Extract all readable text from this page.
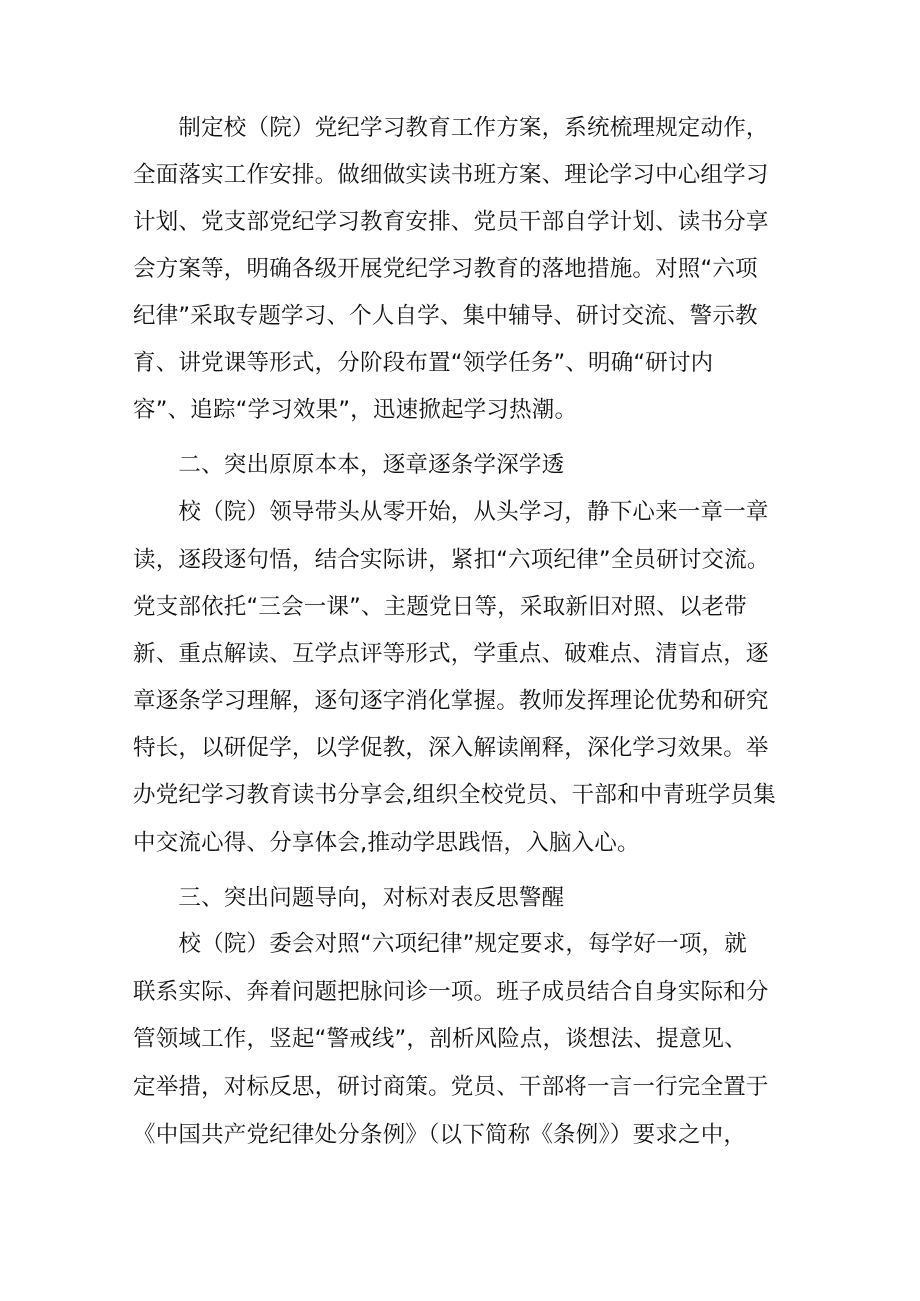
　　制定校（院）党纪学习教育工作方案，系统梳理规定动作，

全面落实工作安排。做细做实读书班方案、理论学习中心组学习

计划、党支部党纪学习教育安排、党员干部自学计划、读书分享

会方案等，明确各级开展党纪学习教育的落地措施。对照“六项

纪律”采取专题学习、个人自学、集中辅导、研讨交流、警示教

育、讲党课等形式，分阶段布置“领学任务”、明确“研讨内

容”、追踪“学习效果”，迅速掀起学习热潮。

　　二、突出原原本本，逐章逐条学深学透

　　校（院）领导带头从零开始，从头学习，静下心来一章一章

读，逐段逐句悟，结合实际讲，紧扣“六项纪律”全员研讨交流。

党支部依托“三会一课”、主题党日等，采取新旧对照、以老带

新、重点解读、互学点评等形式，学重点、破难点、清盲点，逐

章逐条学习理解，逐句逐字消化掌握。教师发挥理论优势和研究

特长，以研促学，以学促教，深入解读阐释，深化学习效果。举

办党纪学习教育读书分享会,组织全校党员、干部和中青班学员集

中交流心得、分享体会,推动学思践悟，入脑入心。

　　三、突出问题导向，对标对表反思警醒

　　校（院）委会对照“六项纪律”规定要求，每学好一项，就

联系实际、奔着问题把脉问诊一项。班子成员结合自身实际和分

管领域工作，竖起“警戒线”，剖析风险点，谈想法、提意见、

定举措，对标反思，研讨商策。党员、干部将一言一行完全置于

《中国共产党纪律处分条例》（以下简称《条例》）要求之中，
